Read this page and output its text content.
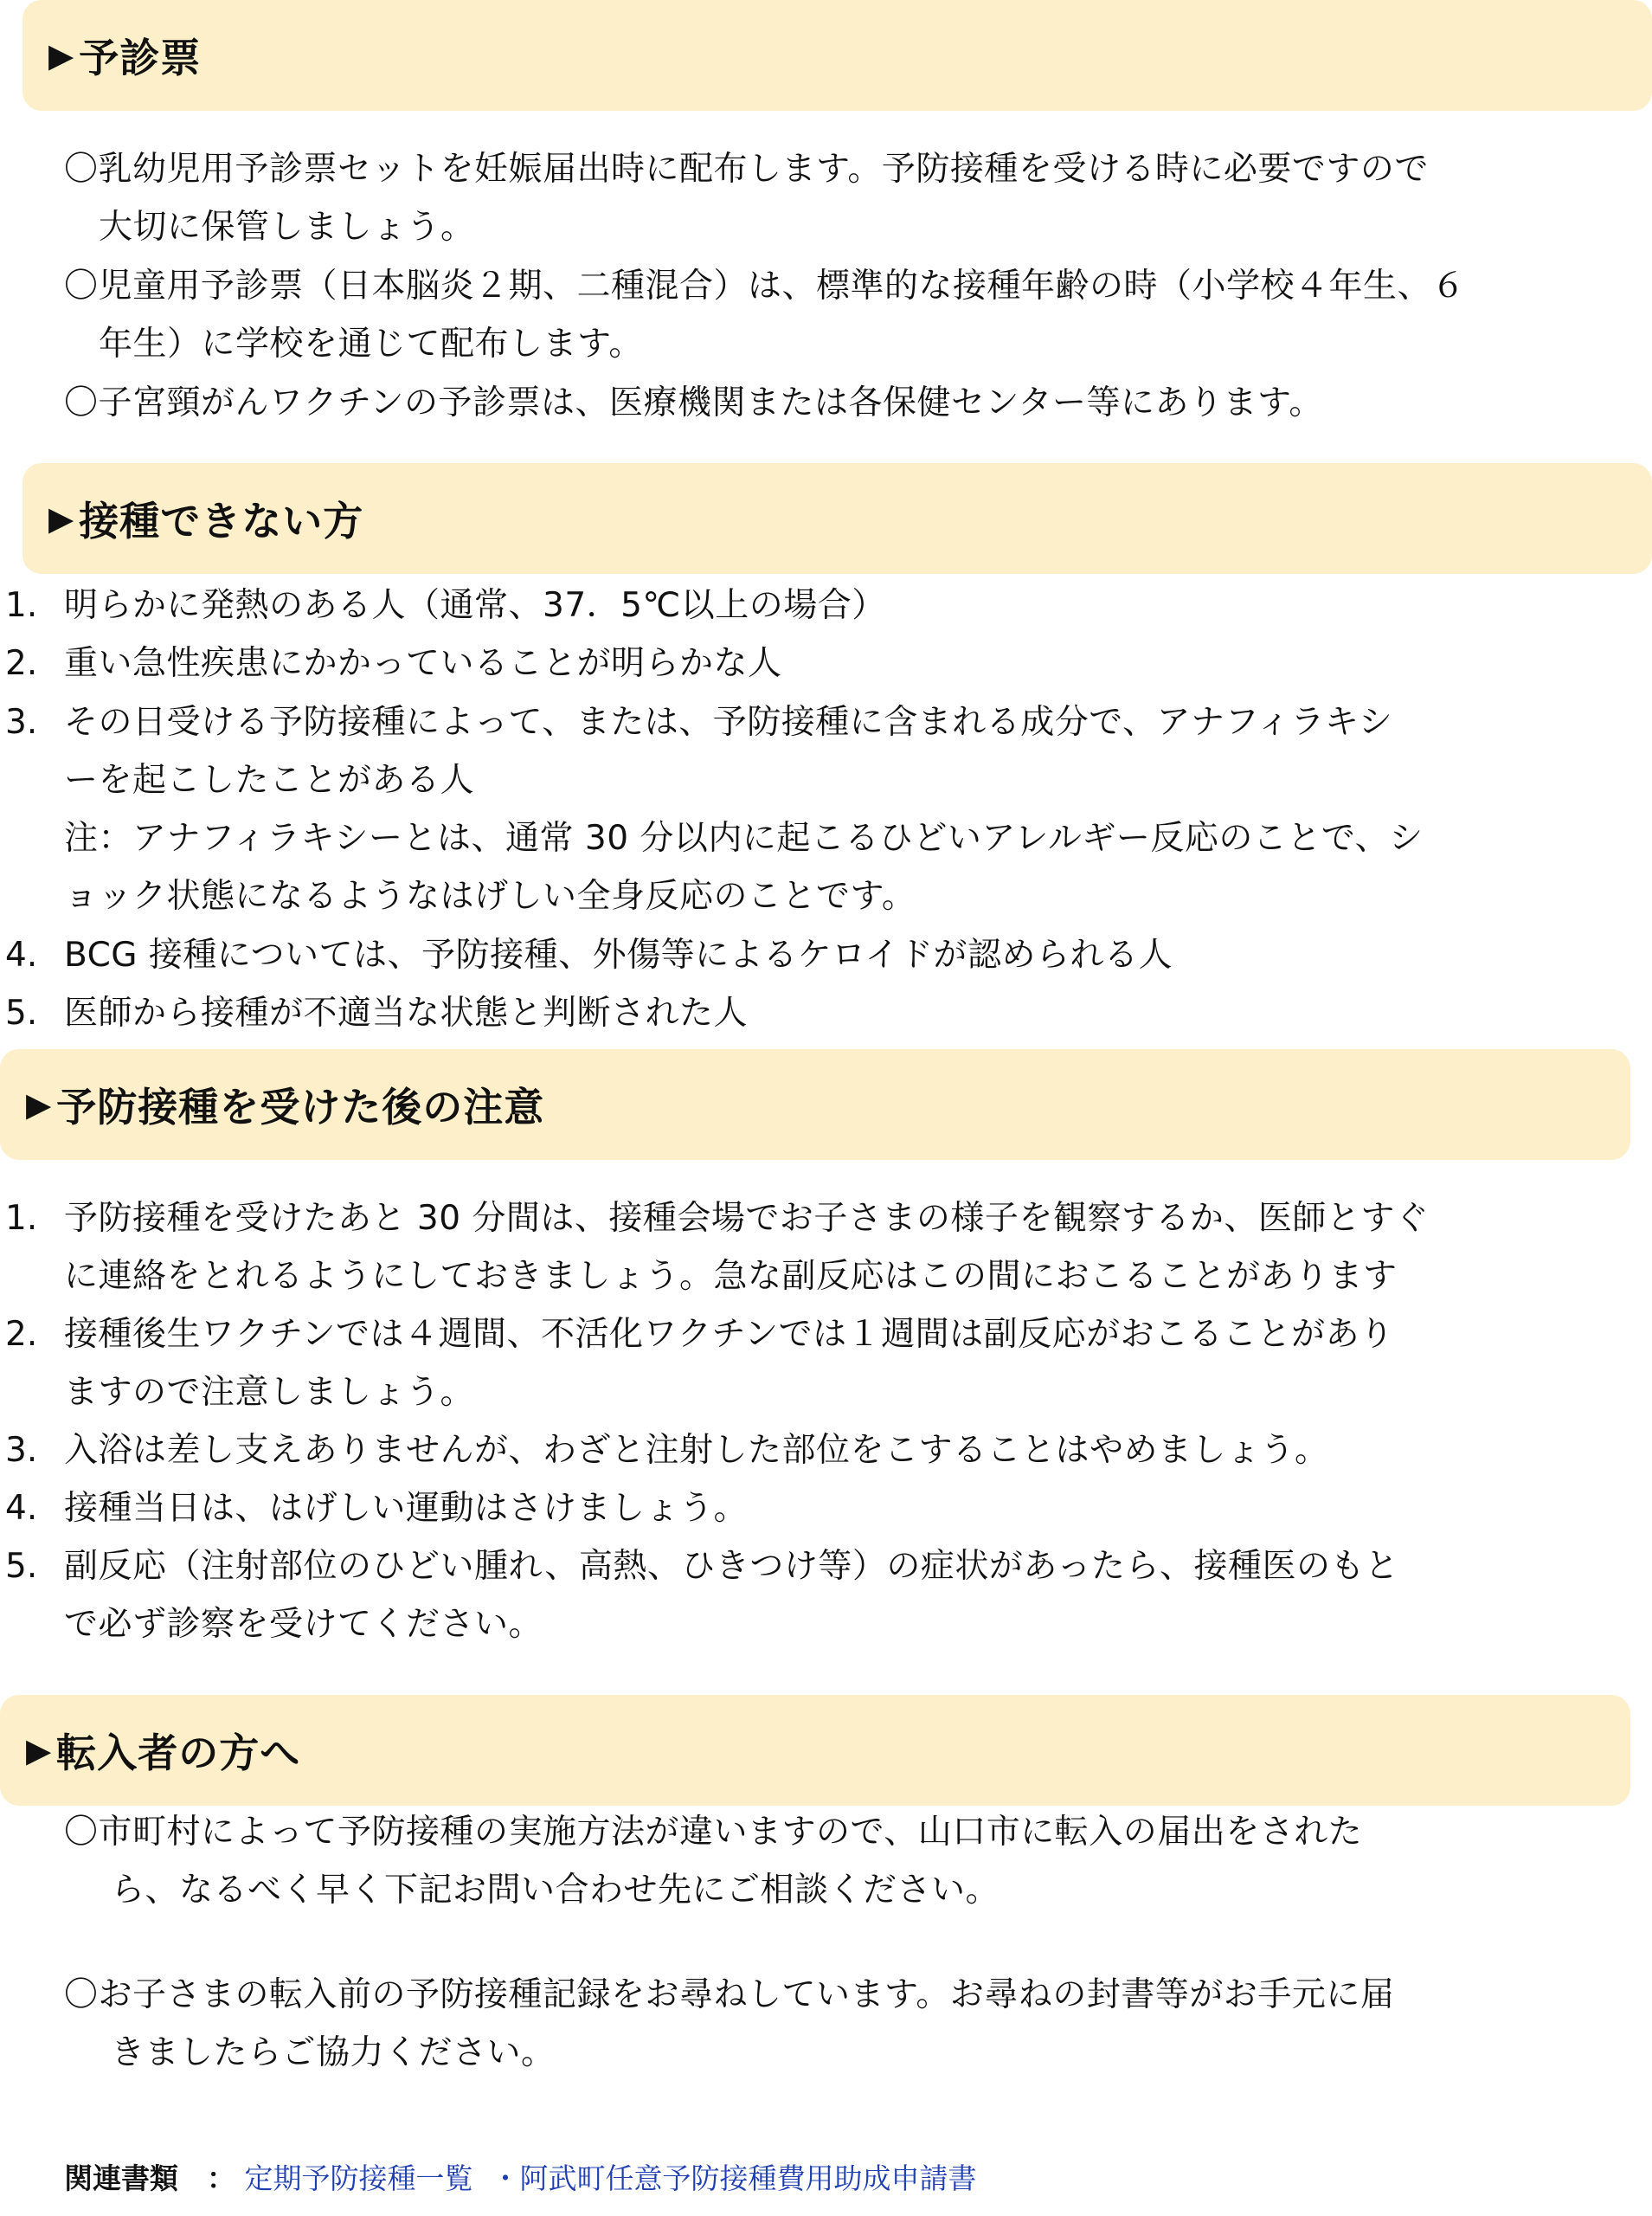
▶ 予診票
〇乳幼児用予診票セットを妊娠届出時に配布します。予防接種を受ける時に必要ですので
大切に保管しましょう。
〇児童用予診票（日本脳炎２期、二種混合）は、標準的な接種年齢の時（小学校４年生、６
年生）に学校を通じて配布します。
〇子宮頸がんワクチンの予診票は、医療機関または各保健センター等にあります。
▶ 接種できない方
1. 明らかに発熱のある人（通常、37．5℃以上の場合）
2. 重い急性疾患にかかっていることが明らかな人
3. その日受ける予防接種によって、または、予防接種に含まれる成分で、アナフィラキシ
ーを起こしたことがある人
注：アナフィラキシーとは、通常 30 分以内に起こるひどいアレルギー反応のことで、シ
ョック状態になるようなはげしい全身反応のことです。
4. BCG 接種については、予防接種、外傷等によるケロイドが認められる人
5. 医師から接種が不適当な状態と判断された人
▶ 予防接種を受けた後の注意
1. 予防接種を受けたあと 30 分間は、接種会場でお子さまの様子を観察するか、医師とすぐ
に連絡をとれるようにしておきましょう。急な副反応はこの間におこることがあります
2. 接種後生ワクチンでは４週間、不活化ワクチンでは１週間は副反応がおこることがあり
ますので注意しましょう。
3. 入浴は差し支えありませんが、わざと注射した部位をこすることはやめましょう。
4. 接種当日は、はげしい運動はさけましょう。
5. 副反応（注射部位のひどい腫れ、高熱、ひきつけ等）の症状があったら、接種医のもと
で必ず診察を受けてください。
▶ 転入者の方へ
〇市町村によって予防接種の実施方法が違いますので、山口市に転入の届出をされた
ら、なるべく早く下記お問い合わせ先にご相談ください。
〇お子さまの転入前の予防接種記録をお尋ねしています。お尋ねの封書等がお手元に届
きましたらご協力ください。
関連書類　： 定期予防接種一覧 ・阿武町任意予防接種費用助成申請書
